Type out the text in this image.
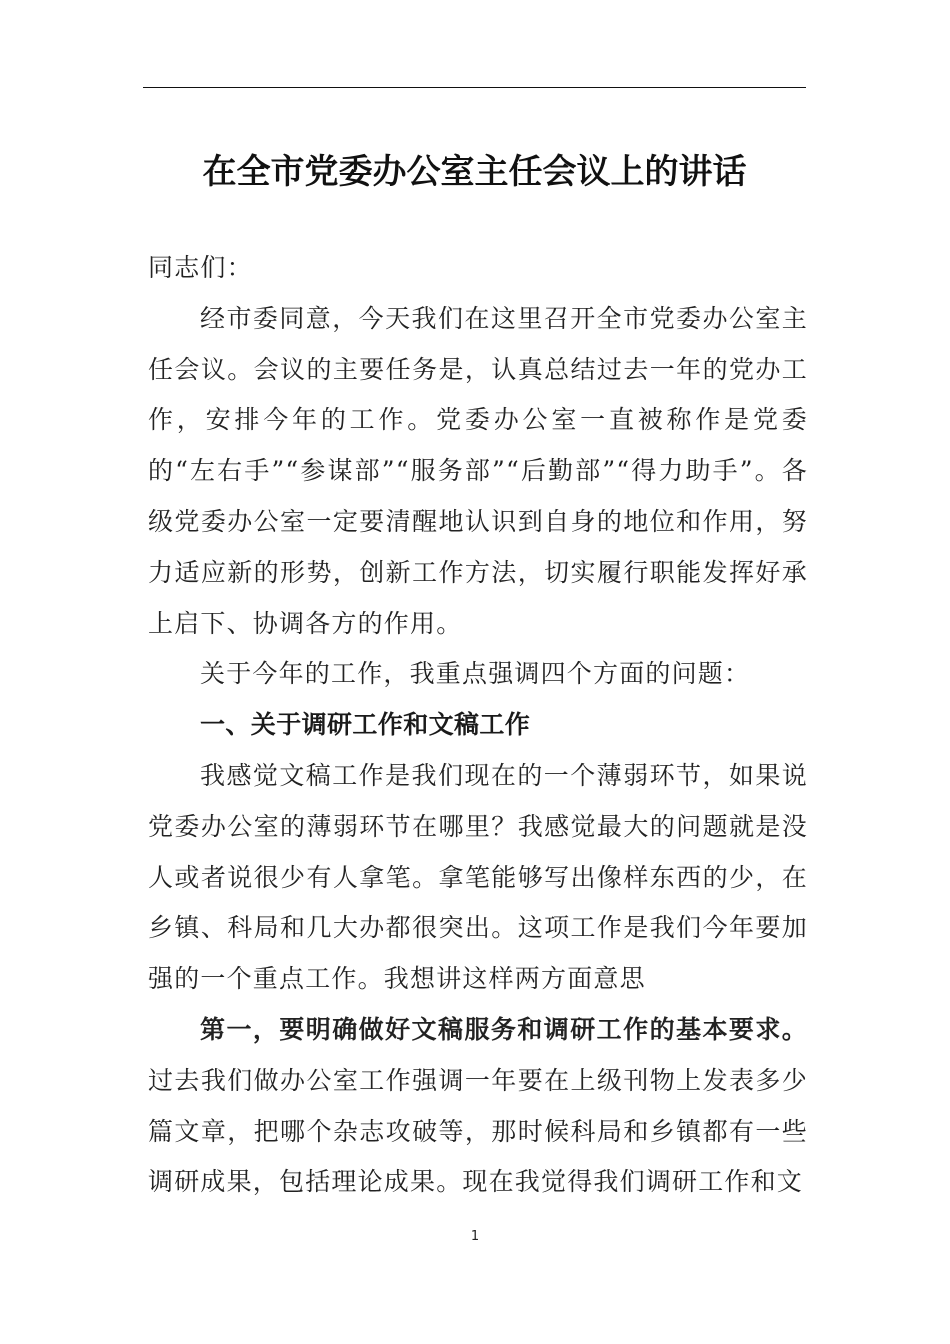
在全市党委办公室主任会议上的讲话

同志们：

经市委同意，今天我们在这里召开全市党委办公室主任会议。会议的主要任务是，认真总结过去一年的党办工作，安排今年的工作。党委办公室一直被称作是党委的“左右手”“参谋部”“服务部”“后勤部”“得力助手”。各级党委办公室一定要清醒地认识到自身的地位和作用，努力适应新的形势，创新工作方法，切实履行职能发挥好承上启下、协调各方的作用。

关于今年的工作，我重点强调四个方面的问题：

一、关于调研工作和文稿工作

我感觉文稿工作是我们现在的一个薄弱环节，如果说党委办公室的薄弱环节在哪里？我感觉最大的问题就是没人或者说很少有人拿笔。拿笔能够写出像样东西的少，在乡镇、科局和几大办都很突出。这项工作是我们今年要加强的一个重点工作。我想讲这样两方面意思

第一，要明确做好文稿服务和调研工作的基本要求。过去我们做办公室工作强调一年要在上级刊物上发表多少篇文章，把哪个杂志攻破等，那时候科局和乡镇都有一些调研成果，包括理论成果。现在我觉得我们调研工作和文

1
